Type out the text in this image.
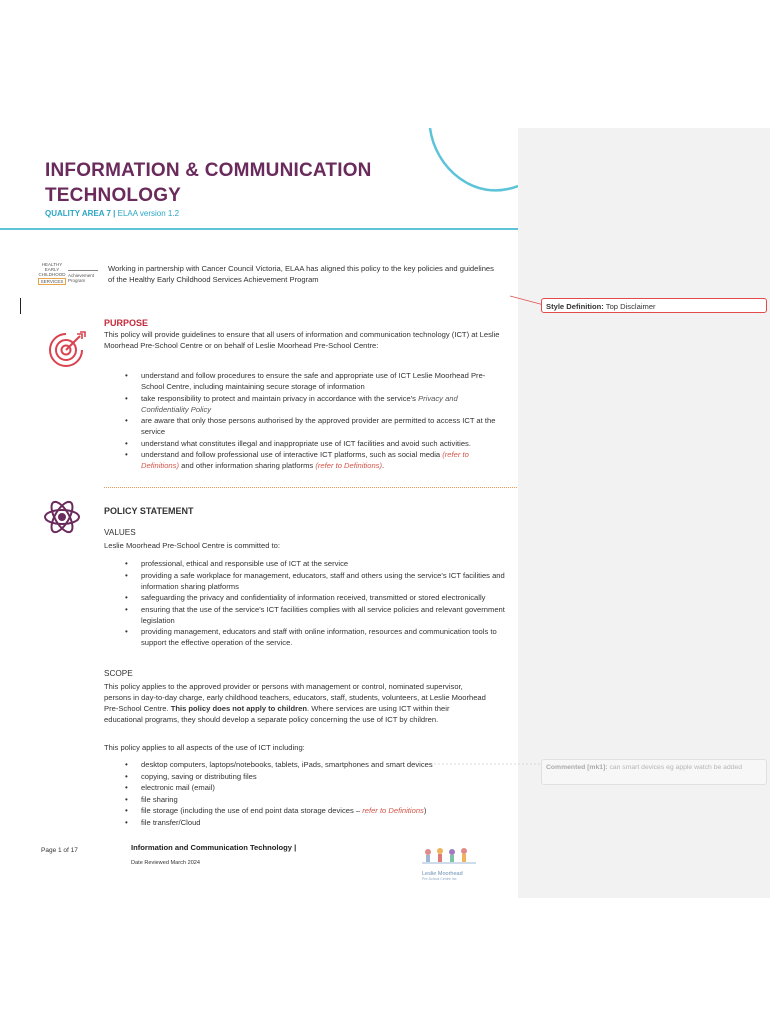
INFORMATION & COMMUNICATION
TECHNOLOGY
QUALITY AREA 7 | ELAA version 1.2
HEALTHY
EARLY
CHILDHOOD
SERVICES
Achievement
Program
Working in partnership with Cancer Council Victoria, ELAA has aligned this policy to the key policies and guidelines of the Healthy Early Childhood Services Achievement Program
PURPOSE
This policy will provide guidelines to ensure that all users of information and communication technology (ICT) at Leslie Moorhead Pre-School Centre or on behalf of Leslie Moorhead Pre-School Centre:
• understand and follow procedures to ensure the safe and appropriate use of ICT Leslie Moorhead Pre-School Centre, including maintaining secure storage of information
• take responsibility to protect and maintain privacy in accordance with the service's Privacy and Confidentiality Policy
• are aware that only those persons authorised by the approved provider are permitted to access ICT at the service
• understand what constitutes illegal and inappropriate use of ICT facilities and avoid such activities.
• understand and follow professional use of interactive ICT platforms, such as social media (refer to Definitions) and other information sharing platforms (refer to Definitions).
POLICY STATEMENT
VALUES
Leslie Moorhead Pre-School Centre is committed to:
• professional, ethical and responsible use of ICT at the service
• providing a safe workplace for management, educators, staff and others using the service's ICT facilities and information sharing platforms
• safeguarding the privacy and confidentiality of information received, transmitted or stored electronically
• ensuring that the use of the service's ICT facilities complies with all service policies and relevant government legislation
• providing management, educators and staff with online information, resources and communication tools to support the effective operation of the service.
SCOPE
This policy applies to the approved provider or persons with management or control, nominated supervisor, persons in day-to-day charge, early childhood teachers, educators, staff, students, volunteers, at Leslie Moorhead Pre-School Centre. This policy does not apply to children. Where services are using ICT within their educational programs, they should develop a separate policy concerning the use of ICT by children.
This policy applies to all aspects of the use of ICT including:
• desktop computers, laptops/notebooks, tablets, iPads, smartphones and smart devices
• copying, saving or distributing files
• electronic mail (email)
• file sharing
• file storage (including the use of end point data storage devices – refer to Definitions)
• file transfer/Cloud
Page 1 of 17	Information and Communication Technology |
Date Reviewed March 2024
Leslie Moorhead
Pre-School Centre Inc.
Style Definition: Top Disclaimer
Commented [mk1]: can smart devices eg apple watch be added
